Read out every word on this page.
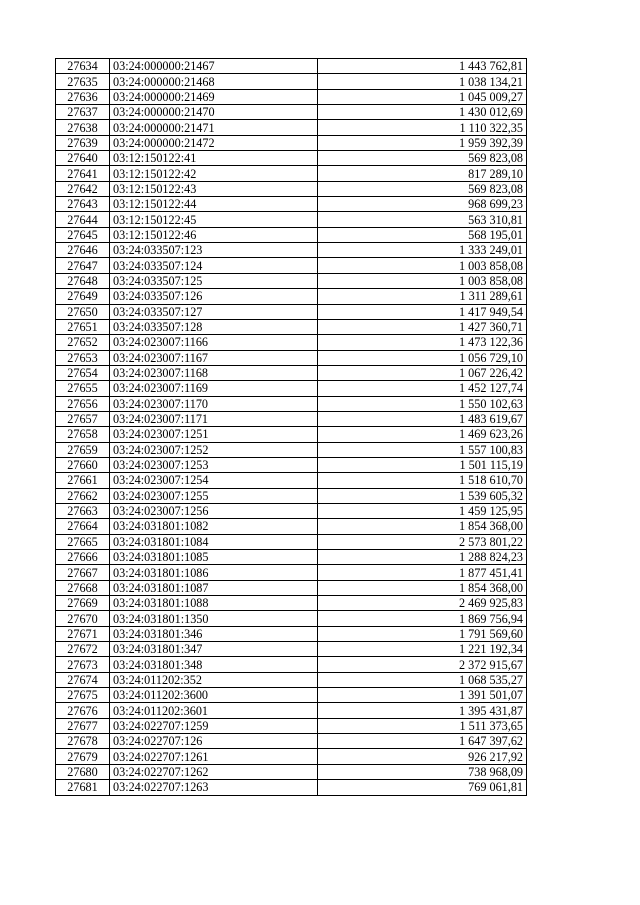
27634	03:24:000000:21467	1 443 762,81
27635	03:24:000000:21468	1 038 134,21
27636	03:24:000000:21469	1 045 009,27
27637	03:24:000000:21470	1 430 012,69
27638	03:24:000000:21471	1 110 322,35
27639	03:24:000000:21472	1 959 392,39
27640	03:12:150122:41	569 823,08
27641	03:12:150122:42	817 289,10
27642	03:12:150122:43	569 823,08
27643	03:12:150122:44	968 699,23
27644	03:12:150122:45	563 310,81
27645	03:12:150122:46	568 195,01
27646	03:24:033507:123	1 333 249,01
27647	03:24:033507:124	1 003 858,08
27648	03:24:033507:125	1 003 858,08
27649	03:24:033507:126	1 311 289,61
27650	03:24:033507:127	1 417 949,54
27651	03:24:033507:128	1 427 360,71
27652	03:24:023007:1166	1 473 122,36
27653	03:24:023007:1167	1 056 729,10
27654	03:24:023007:1168	1 067 226,42
27655	03:24:023007:1169	1 452 127,74
27656	03:24:023007:1170	1 550 102,63
27657	03:24:023007:1171	1 483 619,67
27658	03:24:023007:1251	1 469 623,26
27659	03:24:023007:1252	1 557 100,83
27660	03:24:023007:1253	1 501 115,19
27661	03:24:023007:1254	1 518 610,70
27662	03:24:023007:1255	1 539 605,32
27663	03:24:023007:1256	1 459 125,95
27664	03:24:031801:1082	1 854 368,00
27665	03:24:031801:1084	2 573 801,22
27666	03:24:031801:1085	1 288 824,23
27667	03:24:031801:1086	1 877 451,41
27668	03:24:031801:1087	1 854 368,00
27669	03:24:031801:1088	2 469 925,83
27670	03:24:031801:1350	1 869 756,94
27671	03:24:031801:346	1 791 569,60
27672	03:24:031801:347	1 221 192,34
27673	03:24:031801:348	2 372 915,67
27674	03:24:011202:352	1 068 535,27
27675	03:24:011202:3600	1 391 501,07
27676	03:24:011202:3601	1 395 431,87
27677	03:24:022707:1259	1 511 373,65
27678	03:24:022707:126	1 647 397,62
27679	03:24:022707:1261	926 217,92
27680	03:24:022707:1262	738 968,09
27681	03:24:022707:1263	769 061,81
